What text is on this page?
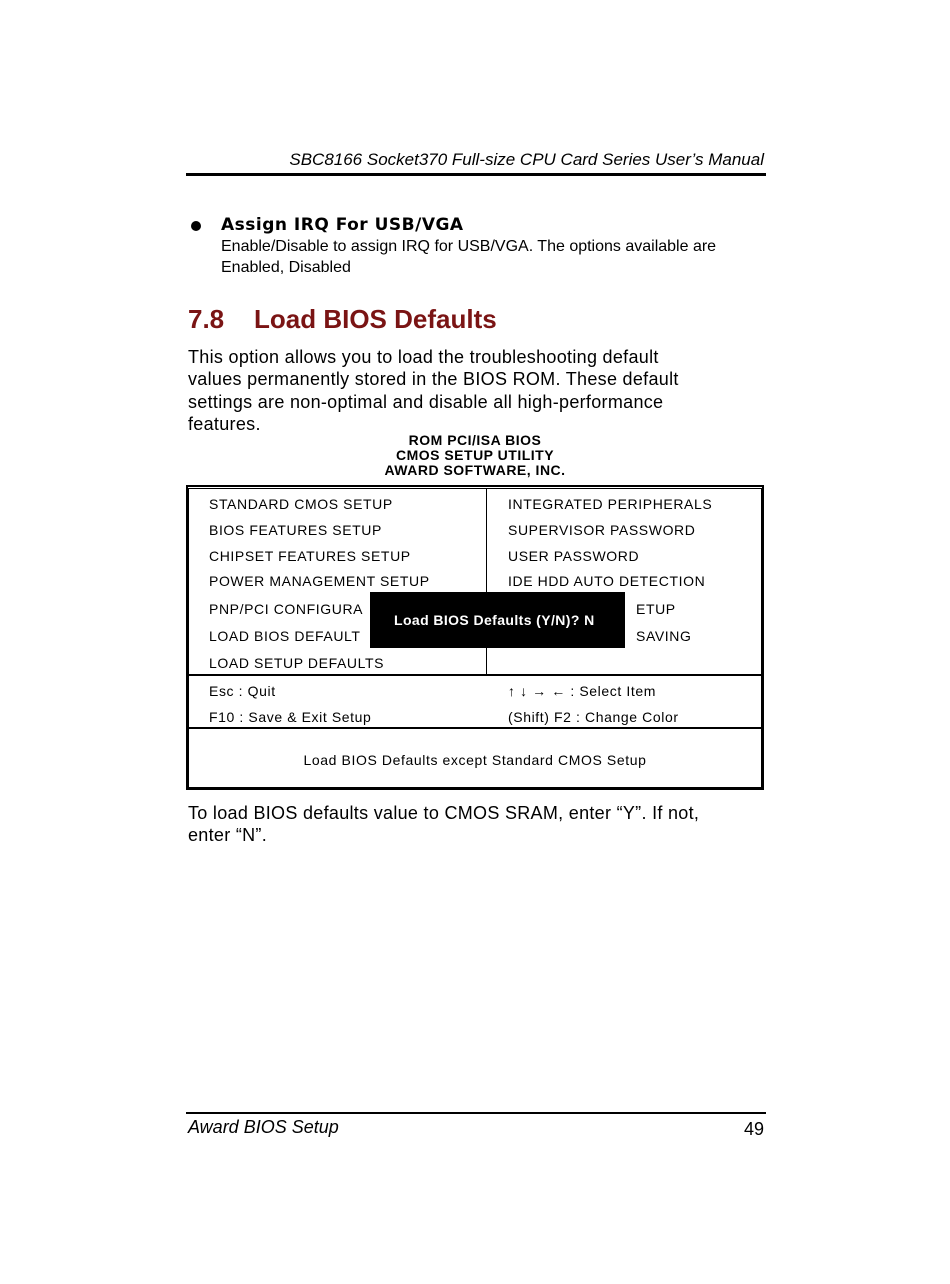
SBC8166 Socket370 Full-size CPU Card Series User’s Manual
Assign IRQ For USB/VGA
Enable/Disable to assign IRQ for USB/VGA. The options available are
Enabled, Disabled
7.8 Load BIOS Defaults
This option allows you to load the troubleshooting default
values permanently stored in the BIOS ROM. These default
settings are non-optimal and disable all high-performance
features.
ROM PCI/ISA BIOS
CMOS SETUP UTILITY
AWARD SOFTWARE, INC.
STANDARD CMOS SETUP
BIOS FEATURES SETUP
CHIPSET FEATURES SETUP
POWER MANAGEMENT SETUP
PNP/PCI CONFIGURA
LOAD BIOS DEFAULT
LOAD SETUP DEFAULTS
INTEGRATED PERIPHERALS
SUPERVISOR PASSWORD
USER PASSWORD
IDE HDD AUTO DETECTION
ETUP
SAVING
Load BIOS Defaults (Y/N)? N
Esc : Quit
F10 : Save & Exit Setup
↑ ↓ → ← : Select Item
(Shift) F2 : Change Color
Load BIOS Defaults except Standard CMOS Setup
To load BIOS defaults value to CMOS SRAM, enter “Y”. If not,
enter “N”.
Award BIOS Setup	49
